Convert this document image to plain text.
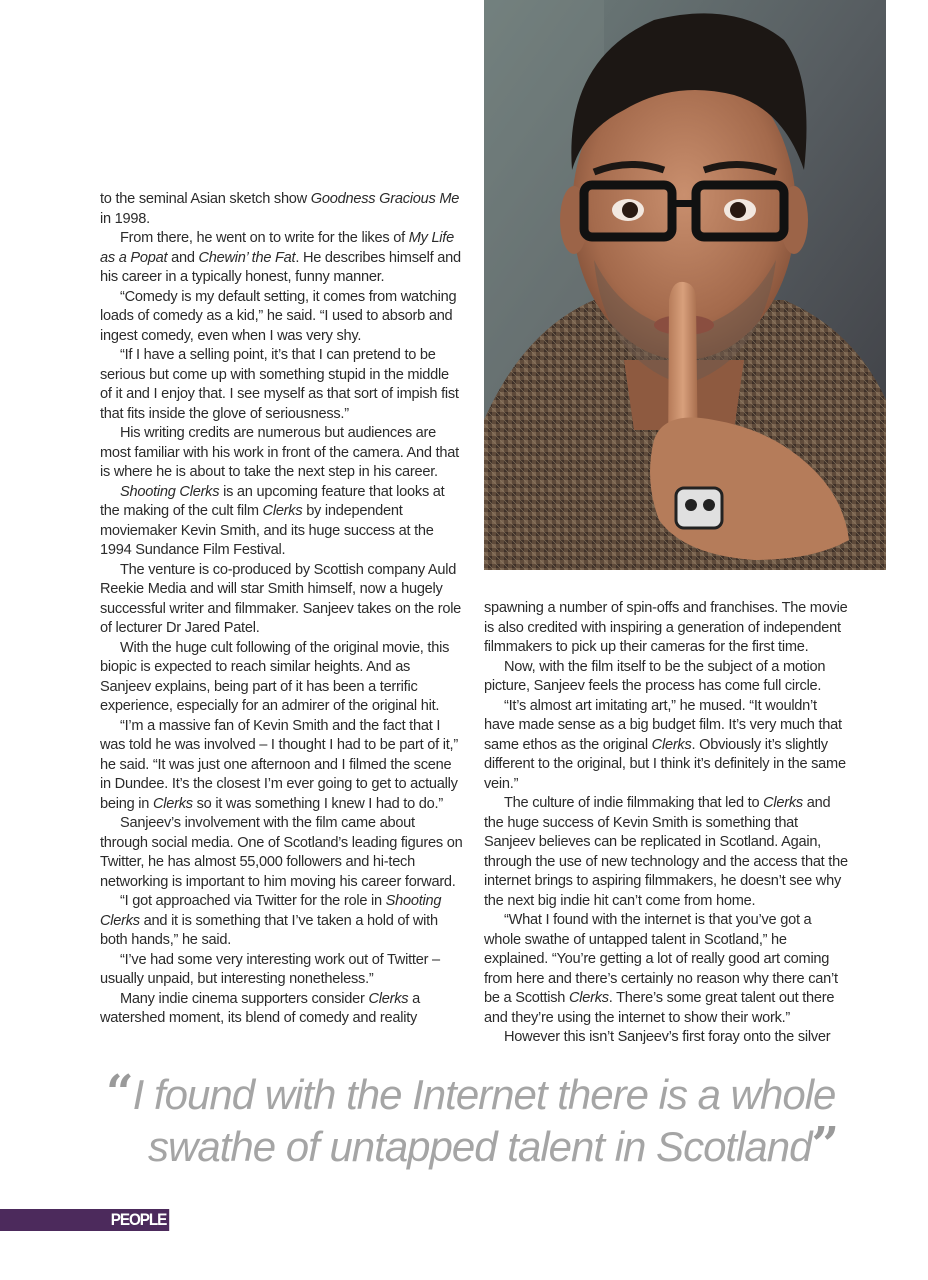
to the seminal Asian sketch show Goodness Gracious Me in 1998.

From there, he went on to write for the likes of My Life as a Popat and Chewin’ the Fat. He describes himself and his career in a typically honest, funny manner.

“Comedy is my default setting, it comes from watching loads of comedy as a kid,” he said. “I used to absorb and ingest comedy, even when I was very shy.

“If I have a selling point, it’s that I can pretend to be serious but come up with something stupid in the middle of it and I enjoy that. I see myself as that sort of impish fist that fits inside the glove of seriousness.”

His writing credits are numerous but audiences are most familiar with his work in front of the camera. And that is where he is about to take the next step in his career.

Shooting Clerks is an upcoming feature that looks at the making of the cult film Clerks by independent moviemaker Kevin Smith, and its huge success at the 1994 Sundance Film Festival.

The venture is co-produced by Scottish company Auld Reekie Media and will star Smith himself, now a hugely successful writer and filmmaker. Sanjeev takes on the role of lecturer Dr Jared Patel.

With the huge cult following of the original movie, this biopic is expected to reach similar heights. And as Sanjeev explains, being part of it has been a terrific experience, especially for an admirer of the original hit.

“I’m a massive fan of Kevin Smith and the fact that I was told he was involved – I thought I had to be part of it,” he said. “It was just one afternoon and I filmed the scene in Dundee. It’s the closest I’m ever going to get to actually being in Clerks so it was something I knew I had to do.”

Sanjeev’s involvement with the film came about through social media. One of Scotland’s leading figures on Twitter, he has almost 55,000 followers and hi-tech networking is important to him moving his career forward.

“I got approached via Twitter for the role in Shooting Clerks and it is something that I’ve taken a hold of with both hands,” he said.

“I’ve had some very interesting work out of Twitter – usually unpaid, but interesting nonetheless.”

Many indie cinema supporters consider Clerks a watershed moment, its blend of comedy and reality

spawning a number of spin-offs and franchises. The movie is also credited with inspiring a generation of independent filmmakers to pick up their cameras for the first time.

Now, with the film itself to be the subject of a motion picture, Sanjeev feels the process has come full circle.

“It’s almost art imitating art,” he mused. “It wouldn’t have made sense as a big budget film. It’s very much that same ethos as the original Clerks. Obviously it’s slightly different to the original, but I think it’s definitely in the same vein.”

The culture of indie filmmaking that led to Clerks and the huge success of Kevin Smith is something that Sanjeev believes can be replicated in Scotland. Again, through the use of new technology and the access that the internet brings to aspiring filmmakers, he doesn’t see why the next big indie hit can’t come from home.

“What I found with the internet is that you’ve got a whole swathe of untapped talent in Scotland,” he explained. “You’re getting a lot of really good art coming from here and there’s certainly no reason why there can’t be a Scottish Clerks. There’s some great talent out there and they’re using the internet to show their work.”

However this isn’t Sanjeev’s first foray onto the silver

“I found with the Internet there is a whole
swathe of untapped talent in Scotland”
PEOPLE
